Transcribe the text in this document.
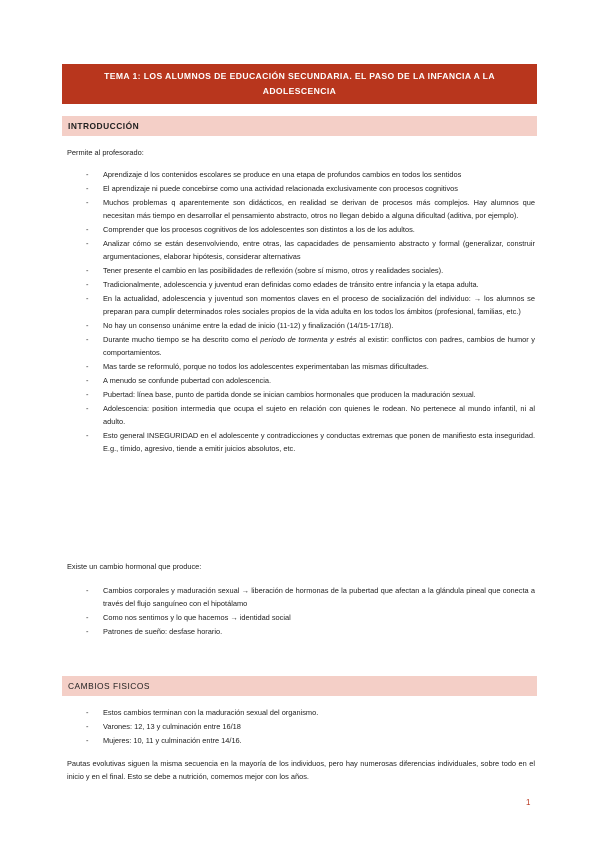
TEMA 1: LOS ALUMNOS DE EDUCACIÓN SECUNDARIA. EL PASO DE LA INFANCIA A LA ADOLESCENCIA
INTRODUCCIÓN

Permite al profesorado:

- Aprendizaje d los contenidos escolares se produce en una etapa de profundos cambios en todos los sentidos
- El aprendizaje ni puede concebirse como una actividad relacionada exclusivamente con procesos cognitivos
- Muchos problemas q aparentemente son didácticos, en realidad se derivan de procesos más complejos. Hay alumnos que necesitan más tiempo en desarrollar el pensamiento abstracto, otros no llegan debido a alguna dificultad (aditiva, por ejemplo).
- Comprender que los procesos cognitivos de los adolescentes son distintos a los de los adultos.
- Analizar cómo se están desenvolviendo, entre otras, las capacidades de pensamiento abstracto y formal (generalizar, construir argumentaciones, elaborar hipótesis, considerar alternativas
- Tener presente el cambio en las posibilidades de reflexión (sobre sí mismo, otros y realidades sociales).
- Tradicionalmente, adolescencia y juventud eran definidas como edades de tránsito entre infancia y la etapa adulta.
- En la actualidad, adolescencia y juventud son momentos claves en el proceso de socialización del individuo: → los alumnos se preparan para cumplir determinados roles sociales propios de la vida adulta en los todos los ámbitos (profesional, familias, etc.)
- No hay un consenso unánime entre la edad de inicio (11-12) y finalización (14/15-17/18).
- Durante mucho tiempo se ha descrito como el periodo de tormenta y estrés al existir: conflictos con padres, cambios de humor y comportamientos.
- Mas tarde se reformuló, porque no todos los adolescentes experimentaban las mismas dificultades.
- A menudo se confunde pubertad con adolescencia.
- Pubertad: línea base, punto de partida donde se inician cambios hormonales que producen la maduración sexual.
- Adolescencia: position intermedia que ocupa el sujeto en relación con quienes le rodean. No pertenece al mundo infantil, ni al adulto.
- Esto general INSEGURIDAD en el adolescente y contradicciones y conductas extremas que ponen de manifiesto esta inseguridad. E.g., tímido, agresivo, tiende a emitir juicios absolutos, etc.

Existe un cambio hormonal que produce:

- Cambios corporales y maduración sexual → liberación de hormonas de la pubertad que afectan a la glándula pineal que conecta a través del flujo sanguíneo con el hipotálamo
- Como nos sentimos y lo que hacemos → identidad social
- Patrones de sueño: desfase horario.
CAMBIOS FISICOS
- Estos cambios terminan con la maduración sexual del organismo.
- Varones: 12, 13 y culminación entre 16/18
- Mujeres: 10, 11 y culminación entre 14/16.

Pautas evolutivas siguen la misma secuencia en la mayoría de los individuos, pero hay numerosas diferencias individuales, sobre todo en el inicio y en el final. Esto se debe a nutrición, comemos mejor con los años.

1
